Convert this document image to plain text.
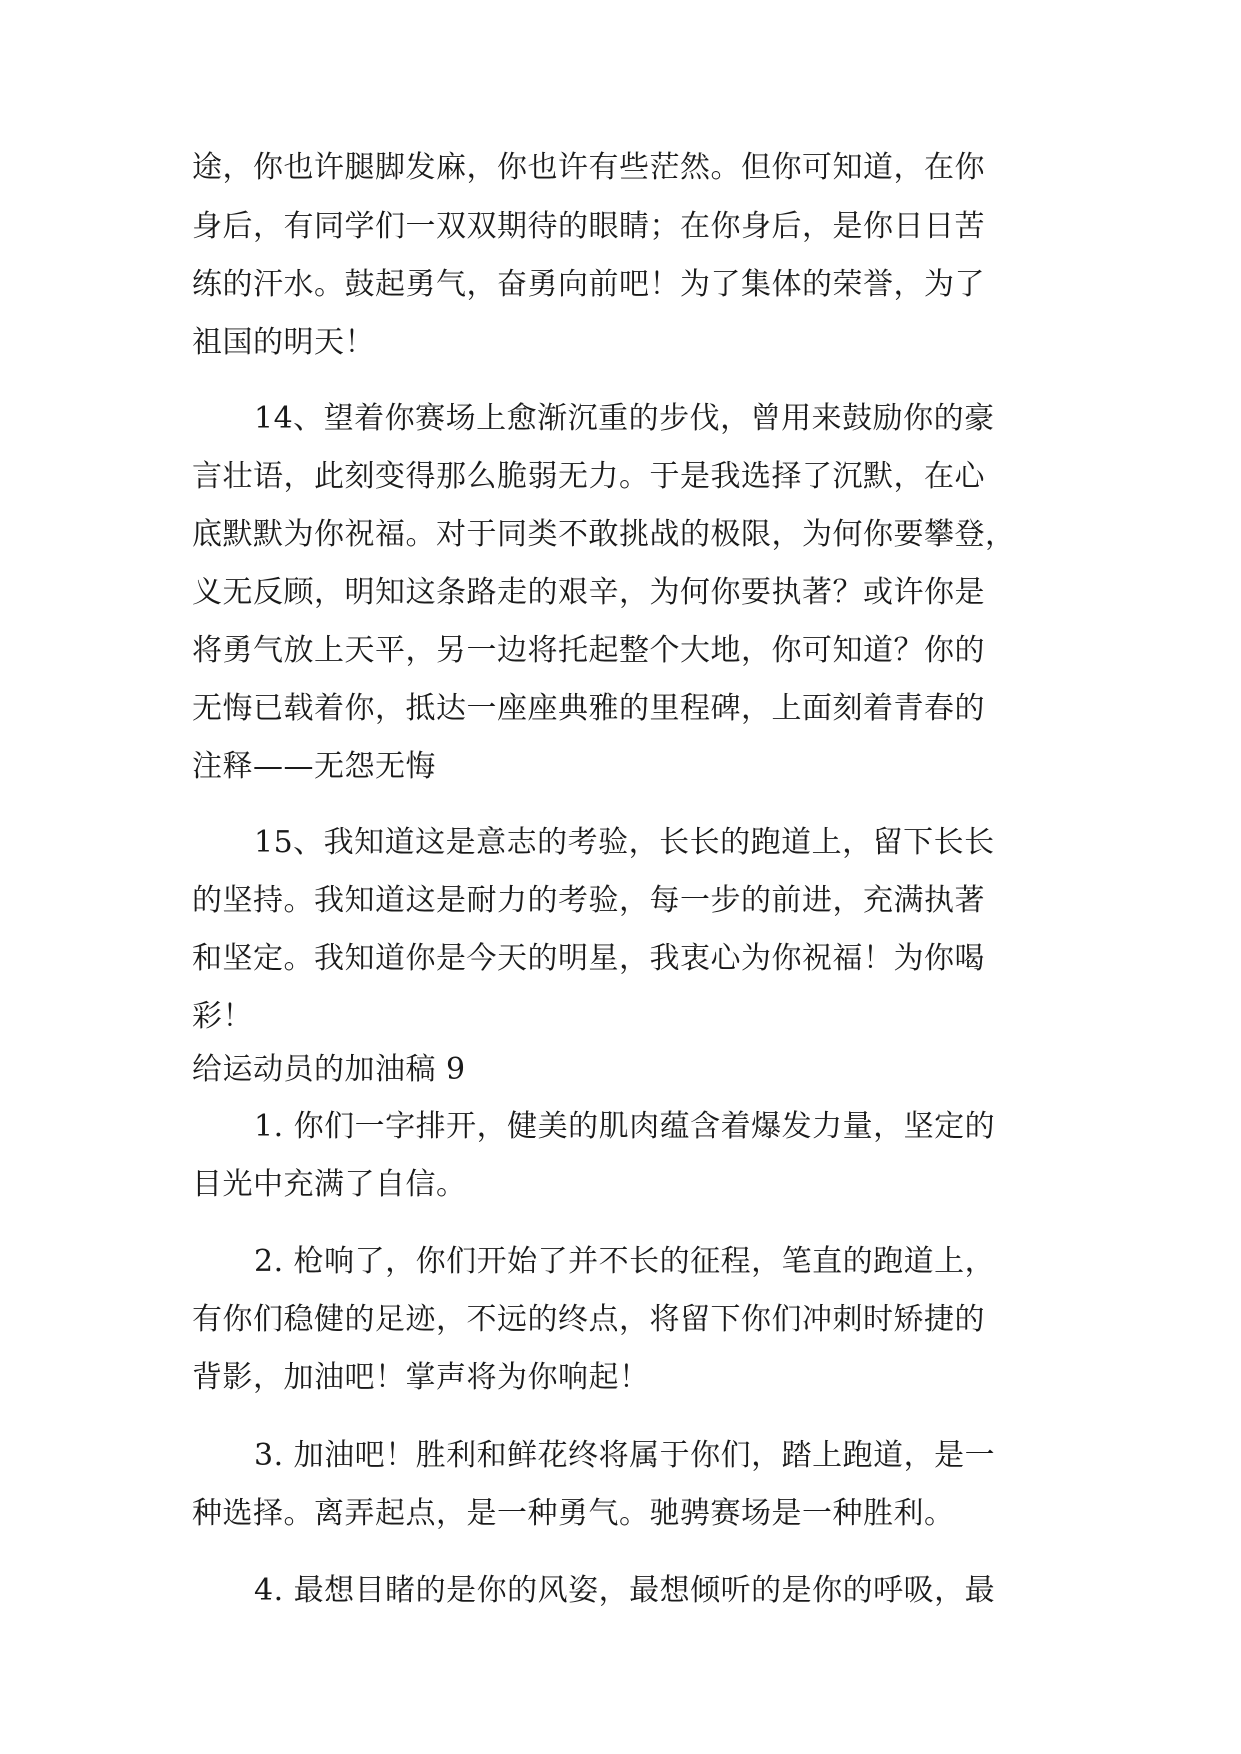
途，你也许腿脚发麻，你也许有些茫然。但你可知道，在你
身后，有同学们一双双期待的眼睛；在你身后，是你日日苦
练的汗水。鼓起勇气，奋勇向前吧！为了集体的荣誉，为了
祖国的明天！
14、望着你赛场上愈渐沉重的步伐，曾用来鼓励你的豪
言壮语，此刻变得那么脆弱无力。于是我选择了沉默，在心
底默默为你祝福。对于同类不敢挑战的极限，为何你要攀登，
义无反顾，明知这条路走的艰辛，为何你要执著？或许你是
将勇气放上天平，另一边将托起整个大地，你可知道？你的
无悔已载着你，抵达一座座典雅的里程碑，上面刻着青春的
注释——无怨无悔
15、我知道这是意志的考验，长长的跑道上，留下长长
的坚持。我知道这是耐力的考验，每一步的前进，充满执著
和坚定。我知道你是今天的明星，我衷心为你祝福！为你喝
彩！
给运动员的加油稿 9
1. 你们一字排开，健美的肌肉蕴含着爆发力量，坚定的
目光中充满了自信。
2. 枪响了，你们开始了并不长的征程，笔直的跑道上，
有你们稳健的足迹，不远的终点，将留下你们冲刺时矫捷的
背影，加油吧！掌声将为你响起！
3. 加油吧！胜利和鲜花终将属于你们，踏上跑道，是一
种选择。离弄起点，是一种勇气。驰骋赛场是一种胜利。
4. 最想目睹的是你的风姿，最想倾听的是你的呼吸，最
